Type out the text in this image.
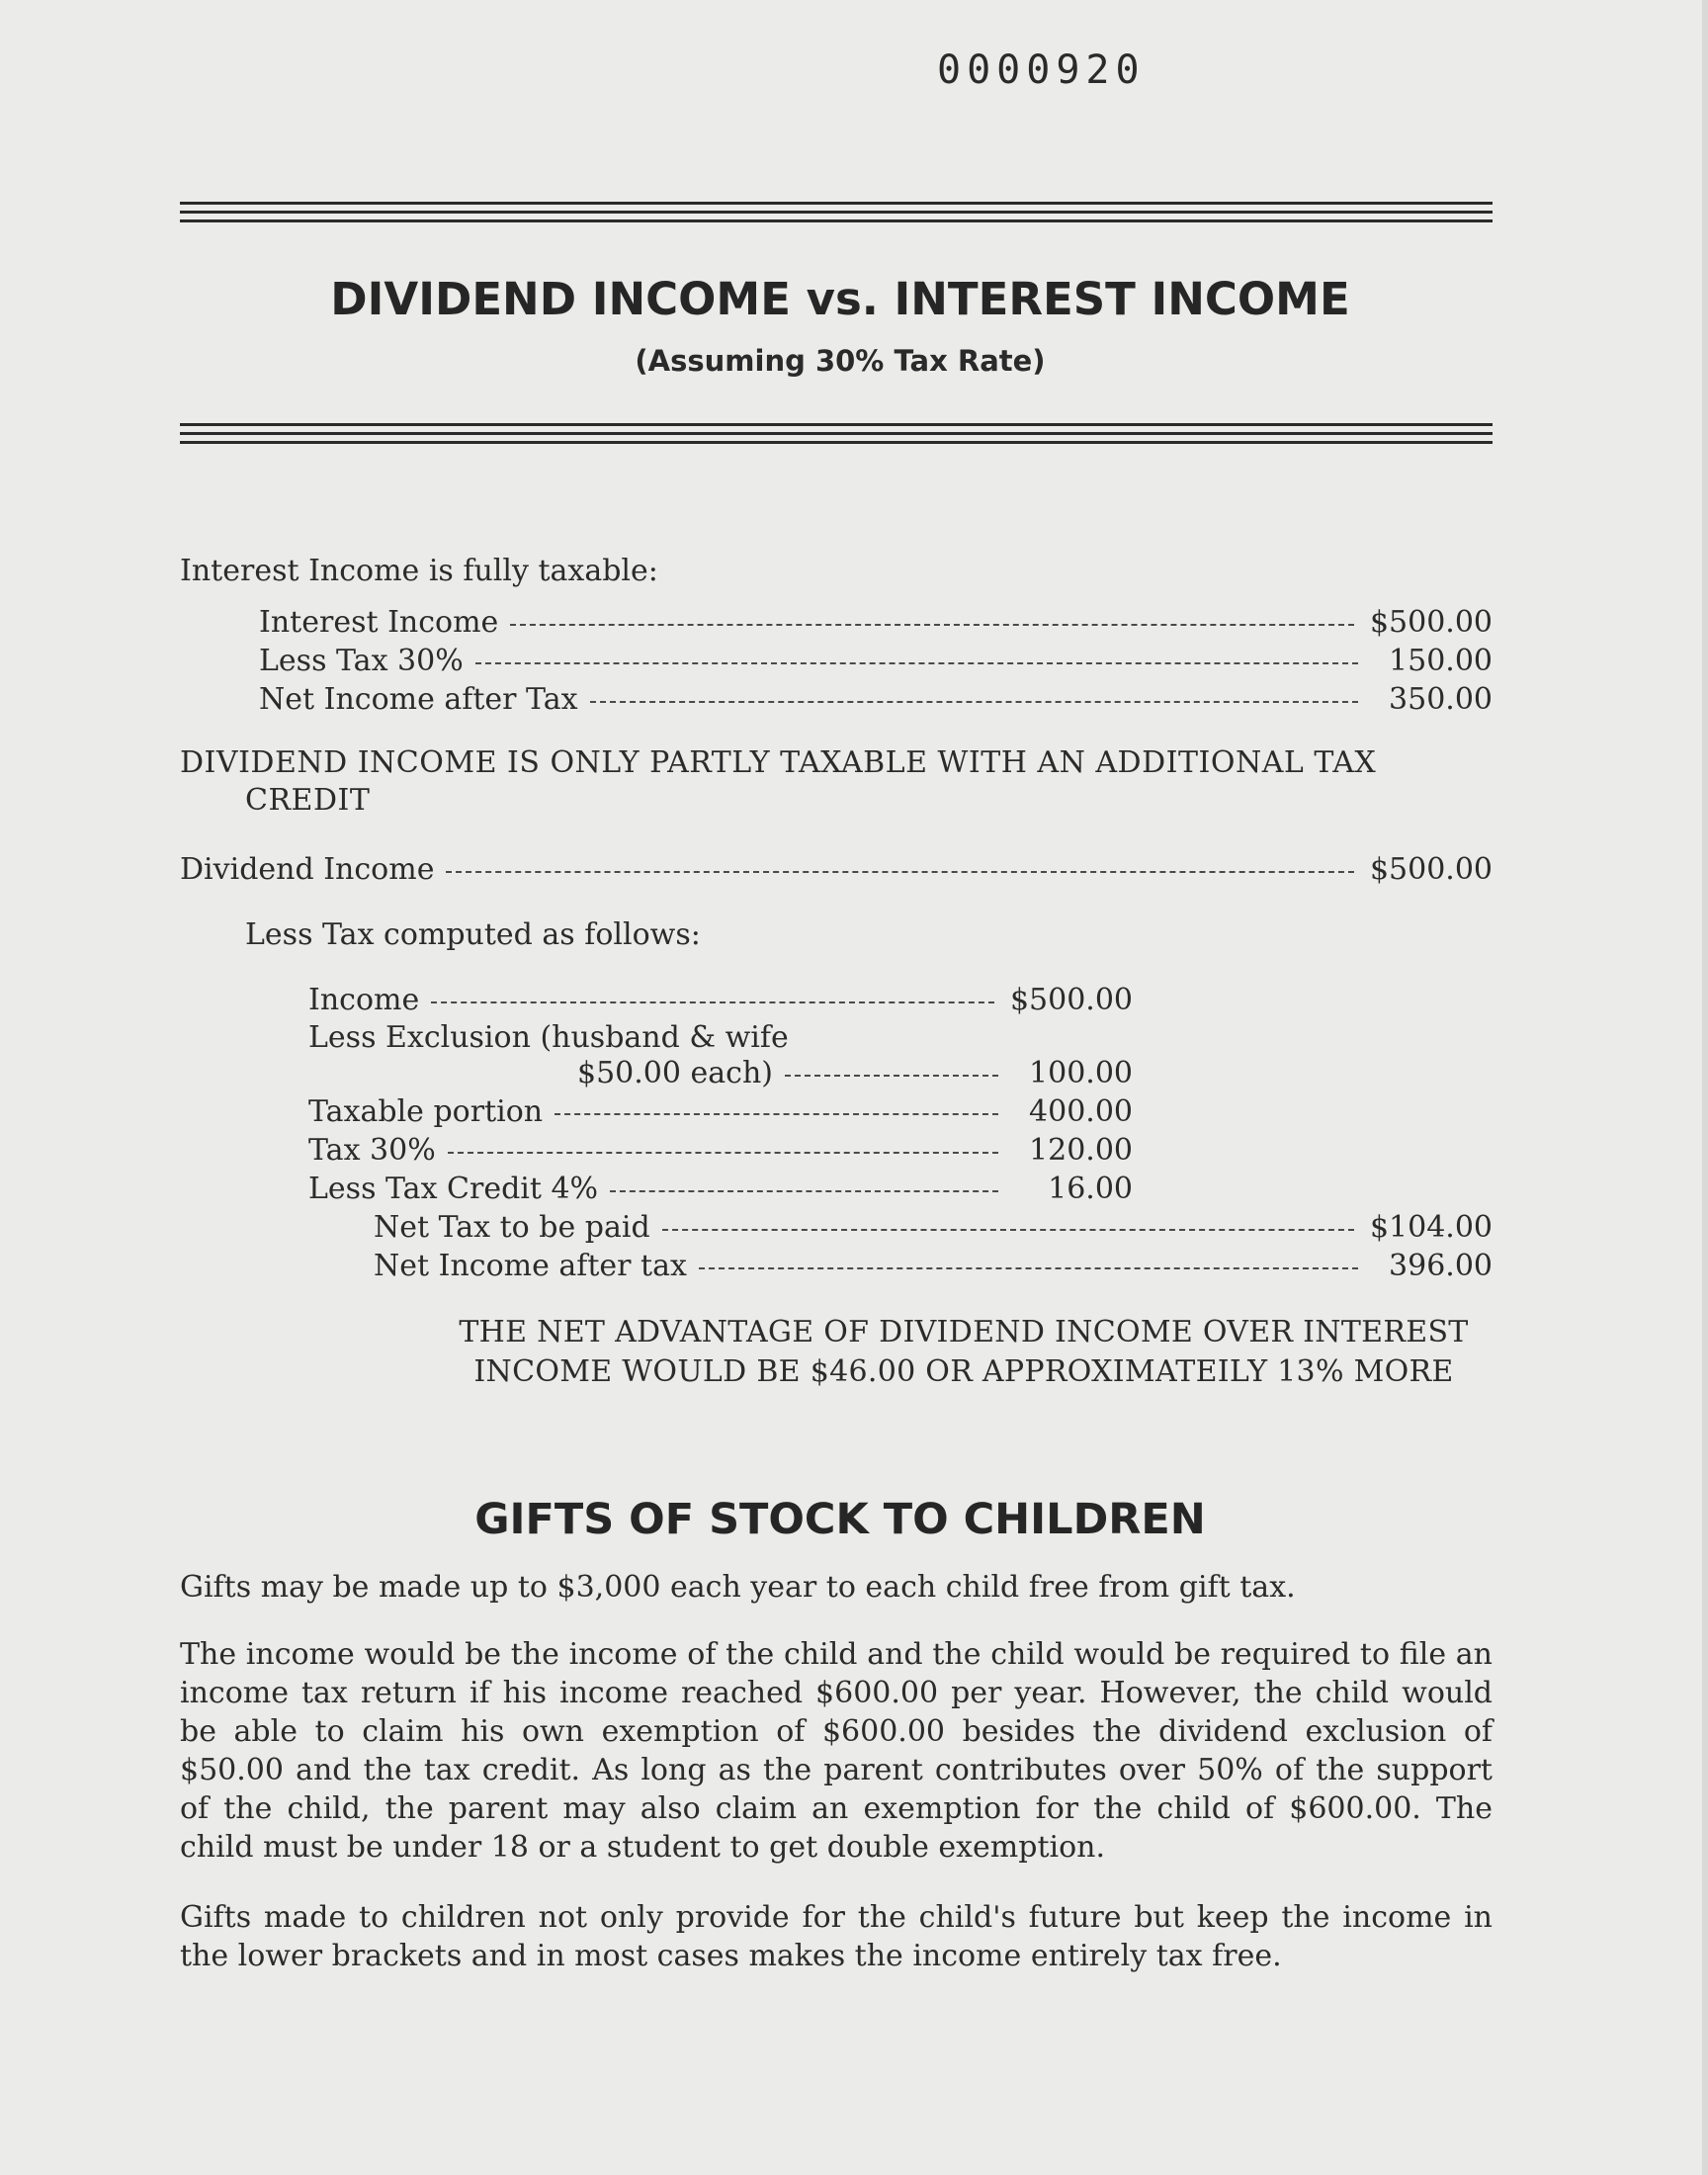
0000920
DIVIDEND INCOME vs. INTEREST INCOME
(Assuming 30% Tax Rate)
Interest Income is fully taxable:
Interest Income	$500.00
Less Tax 30%	150.00
Net Income after Tax	350.00
DIVIDEND INCOME IS ONLY PARTLY TAXABLE WITH AN ADDITIONAL TAX
CREDIT
Dividend Income	$500.00
Less Tax computed as follows:
Income	$500.00
Less Exclusion (husband & wife
$50.00 each)	100.00
Taxable portion	400.00
Tax 30%	120.00
Less Tax Credit 4%	16.00
Net Tax to be paid	$104.00
Net Income after tax	396.00
THE NET ADVANTAGE OF DIVIDEND INCOME OVER INTEREST
INCOME WOULD BE $46.00 OR APPROXIMATEILY 13% MORE
GIFTS OF STOCK TO CHILDREN
Gifts may be made up to $3,000 each year to each child free from gift tax.
The income would be the income of the child and the child would be required to file an income tax return if his income reached $600.00 per year. However, the child would be able to claim his own exemption of $600.00 besides the dividend exclusion of $50.00 and the tax credit. As long as the parent contributes over 50% of the support of the child, the parent may also claim an exemption for the child of $600.00. The child must be under 18 or a student to get double exemption.
Gifts made to children not only provide for the child's future but keep the income in the lower brackets and in most cases makes the income entirely tax free.
